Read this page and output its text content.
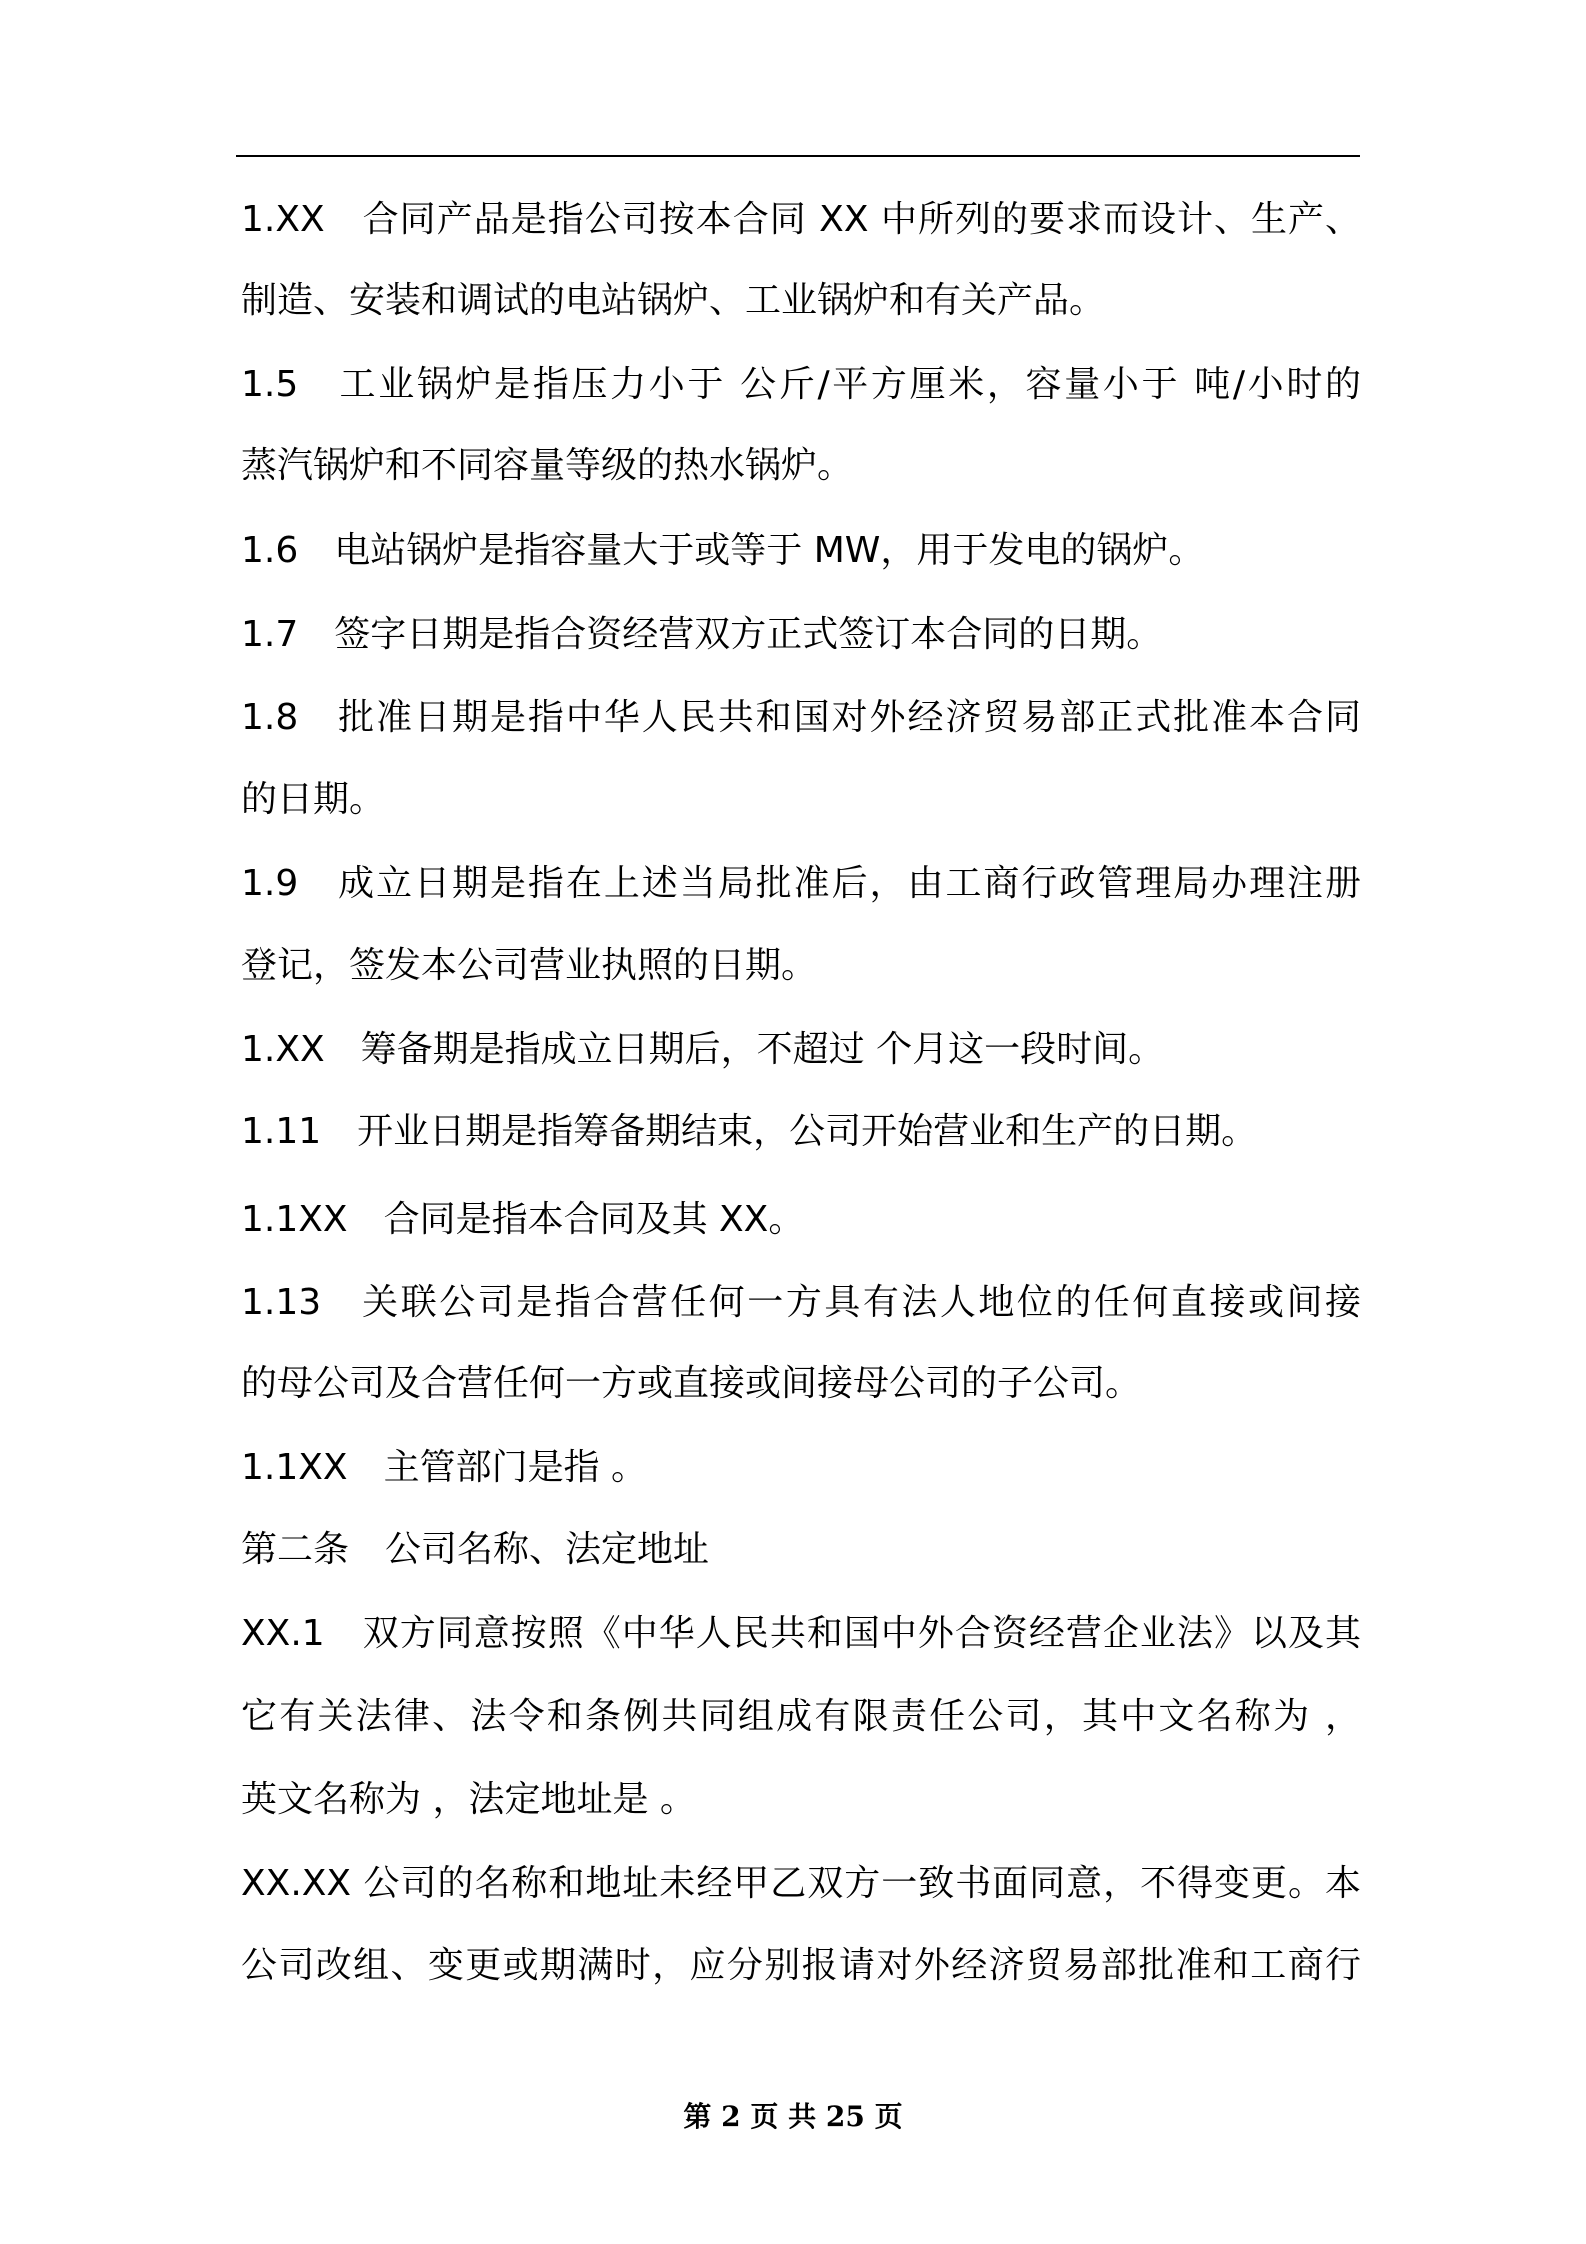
1.XX　合同产品是指公司按本合同 XX 中所列的要求而设计、生产、
制造、安装和调试的电站锅炉、工业锅炉和有关产品。
1.5　工业锅炉是指压力小于 公斤/平方厘米，容量小于 吨/小时的
蒸汽锅炉和不同容量等级的热水锅炉。
1.6　电站锅炉是指容量大于或等于 MW，用于发电的锅炉。
1.7　签字日期是指合资经营双方正式签订本合同的日期。
1.8　批准日期是指中华人民共和国对外经济贸易部正式批准本合同
的日期。
1.9　成立日期是指在上述当局批准后，由工商行政管理局办理注册
登记，签发本公司营业执照的日期。
1.XX　筹备期是指成立日期后，不超过 个月这一段时间。
1.11　开业日期是指筹备期结束，公司开始营业和生产的日期。
1.1XX　合同是指本合同及其 XX。
1.13　关联公司是指合营任何一方具有法人地位的任何直接或间接
的母公司及合营任何一方或直接或间接母公司的子公司。
1.1XX　主管部门是指 。
第二条　公司名称、法定地址
XX.1　双方同意按照《中华人民共和国中外合资经营企业法》以及其
它有关法律、法令和条例共同组成有限责任公司，其中文名称为 ，
英文名称为 ，法定地址是 。
XX.XX 公司的名称和地址未经甲乙双方一致书面同意，不得变更。本
公司改组、变更或期满时，应分别报请对外经济贸易部批准和工商行
第 2 页 共 25 页
